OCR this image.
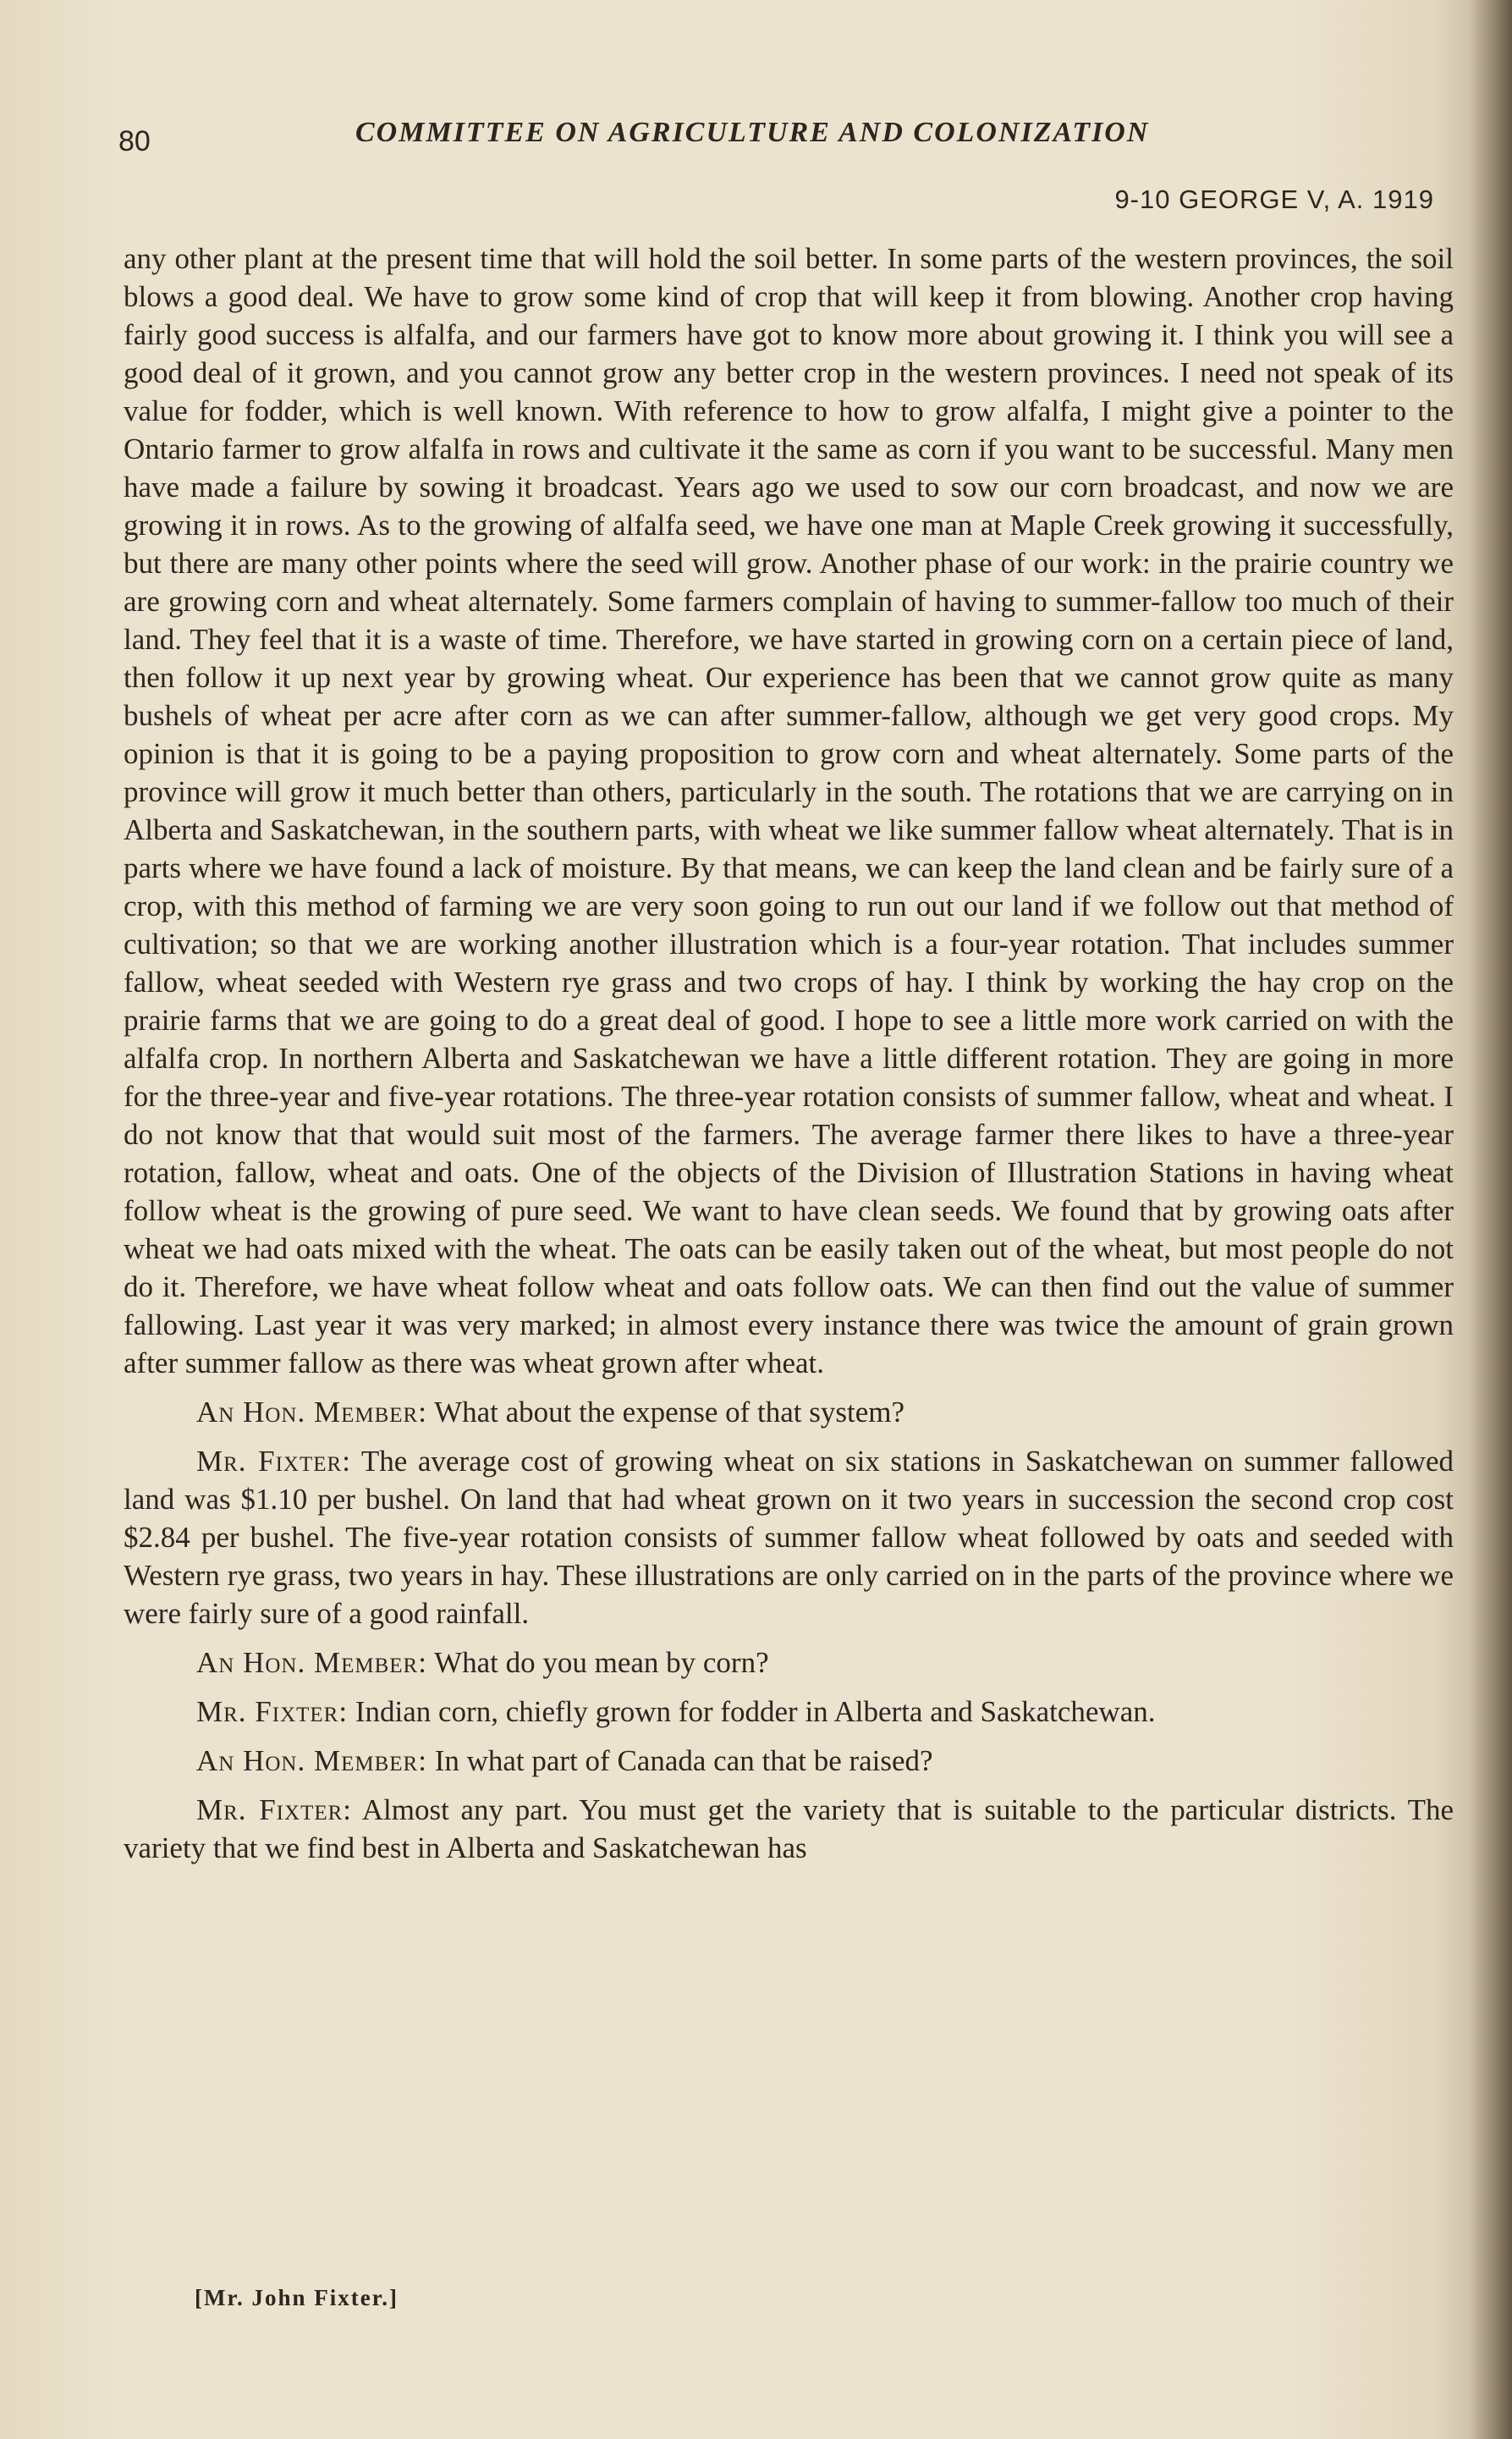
80	COMMITTEE ON AGRICULTURE AND COLONIZATION
9-10 GEORGE V, A. 1919

any other plant at the present time that will hold the soil better. In some parts of the western provinces, the soil blows a good deal. We have to grow some kind of crop that will keep it from blowing. Another crop having fairly good success is alfalfa, and our farmers have got to know more about growing it. I think you will see a good deal of it grown, and you cannot grow any better crop in the western provinces. I need not speak of its value for fodder, which is well known. With reference to how to grow alfalfa, I might give a pointer to the Ontario farmer to grow alfalfa in rows and cultivate it the same as corn if you want to be successful. Many men have made a failure by sowing it broadcast. Years ago we used to sow our corn broadcast, and now we are growing it in rows. As to the growing of alfalfa seed, we have one man at Maple Creek growing it successfully, but there are many other points where the seed will grow. Another phase of our work: in the prairie country we are growing corn and wheat alternately. Some farmers complain of having to summer-fallow too much of their land. They feel that it is a waste of time. Therefore, we have started in growing corn on a certain piece of land, then follow it up next year by growing wheat. Our experience has been that we cannot grow quite as many bushels of wheat per acre after corn as we can after summer-fallow, although we get very good crops. My opinion is that it is going to be a paying proposition to grow corn and wheat alternately. Some parts of the province will grow it much better than others, particularly in the south. The rotations that we are carrying on in Alberta and Saskatchewan, in the southern parts, with wheat we like summer fallow wheat alternately. That is in parts where we have found a lack of moisture. By that means, we can keep the land clean and be fairly sure of a crop, with this method of farming we are very soon going to run out our land if we follow out that method of cultivation; so that we are working another illustration which is a four-year rotation. That includes summer fallow, wheat seeded with Western rye grass and two crops of hay. I think by working the hay crop on the prairie farms that we are going to do a great deal of good. I hope to see a little more work carried on with the alfalfa crop. In northern Alberta and Saskatchewan we have a little different rotation. They are going in more for the three-year and five-year rotations. The three-year rotation consists of summer fallow, wheat and wheat. I do not know that that would suit most of the farmers. The average farmer there likes to have a three-year rotation, fallow, wheat and oats. One of the objects of the Division of Illustration Stations in having wheat follow wheat is the growing of pure seed. We want to have clean seeds. We found that by growing oats after wheat we had oats mixed with the wheat. The oats can be easily taken out of the wheat, but most people do not do it. Therefore, we have wheat follow wheat and oats follow oats. We can then find out the value of summer fallowing. Last year it was very marked; in almost every instance there was twice the amount of grain grown after summer fallow as there was wheat grown after wheat.

An Hon. Member: What about the expense of that system?

Mr. Fixter: The average cost of growing wheat on six stations in Saskatchewan on summer fallowed land was $1.10 per bushel. On land that had wheat grown on it two years in succession the second crop cost $2.84 per bushel. The five-year rotation consists of summer fallow wheat followed by oats and seeded with Western rye grass, two years in hay. These illustrations are only carried on in the parts of the province where we were fairly sure of a good rainfall.

An Hon. Member: What do you mean by corn?

Mr. Fixter: Indian corn, chiefly grown for fodder in Alberta and Saskatchewan.

An Hon. Member: In what part of Canada can that be raised?

Mr. Fixter: Almost any part. You must get the variety that is suitable to the particular districts. The variety that we find best in Alberta and Saskatchewan has

[Mr. John Fixter.]
